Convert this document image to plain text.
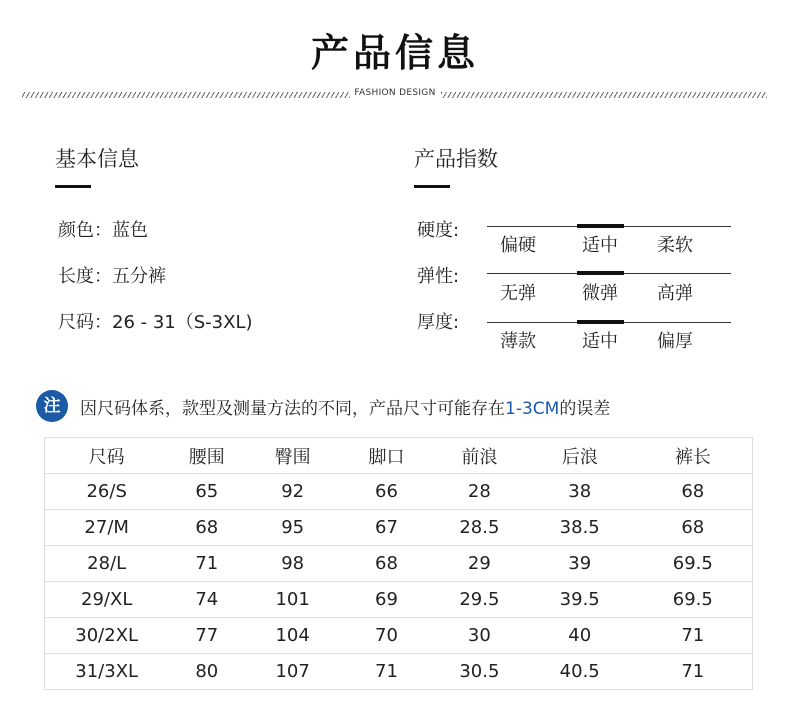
产品信息
FASHION DESIGN
基本信息
颜色：蓝色
长度：五分裤
尺码：26 - 31（S-3XL)
产品指数
硬度:
偏硬	适中 柔软
弹性:
无弹	微弹 高弹
厚度:
薄款	适中 偏厚
注	因尺码体系，款型及测量方法的不同，产品尺寸可能存在1-3CM的误差
尺码	腰围	臀围	脚口	前浪	后浪	裤长
26/S	65	92	66	28	38	68
27/M	68	95	67	28.5	38.5	68
28/L	71	98	68	29	39	69.5
29/XL	74	101	69	29.5	39.5	69.5
30/2XL	77	104	70	30	40	71
31/3XL	80	107	71	30.5	40.5	71
